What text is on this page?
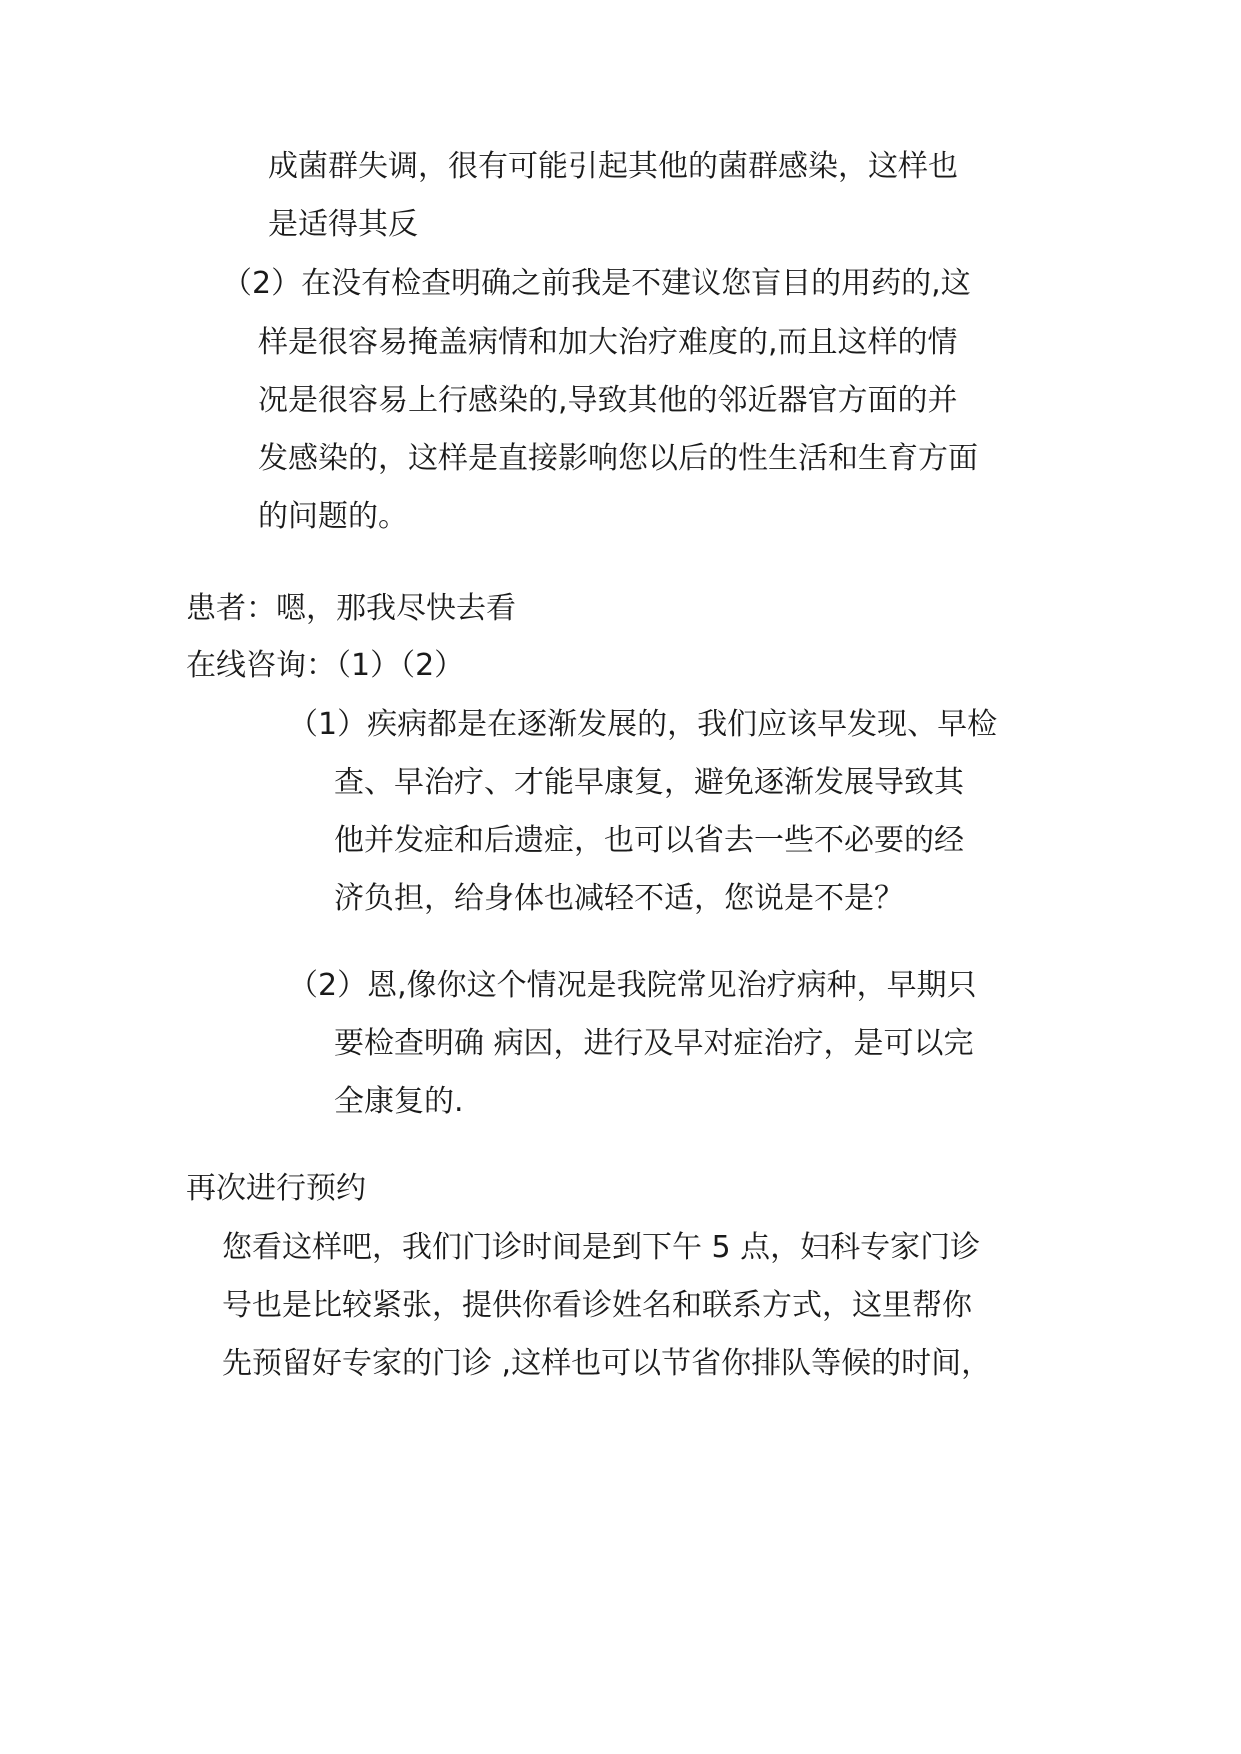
成菌群失调，很有可能引起其他的菌群感染，这样也

是适得其反

（2）在没有检查明确之前我是不建议您盲目的用药的,这

样是很容易掩盖病情和加大治疗难度的,而且这样的情

况是很容易上行感染的,导致其他的邻近器官方面的并

发感染的，这样是直接影响您以后的性生活和生育方面

的问题的。

患者：嗯，那我尽快去看

在线咨询：（1）（2）

（1）疾病都是在逐渐发展的，我们应该早发现、早检

查、早治疗、才能早康复，避免逐渐发展导致其

他并发症和后遗症，也可以省去一些不必要的经

济负担，给身体也减轻不适，您说是不是？

（2）恩,像你这个情况是我院常见治疗病种，早期只

要检查明确 病因，进行及早对症治疗，是可以完

全康复的.

再次进行预约

您看这样吧，我们门诊时间是到下午 5 点，妇科专家门诊

号也是比较紧张，提供你看诊姓名和联系方式，这里帮你

先预留好专家的门诊 ,这样也可以节省你排队等候的时间，
